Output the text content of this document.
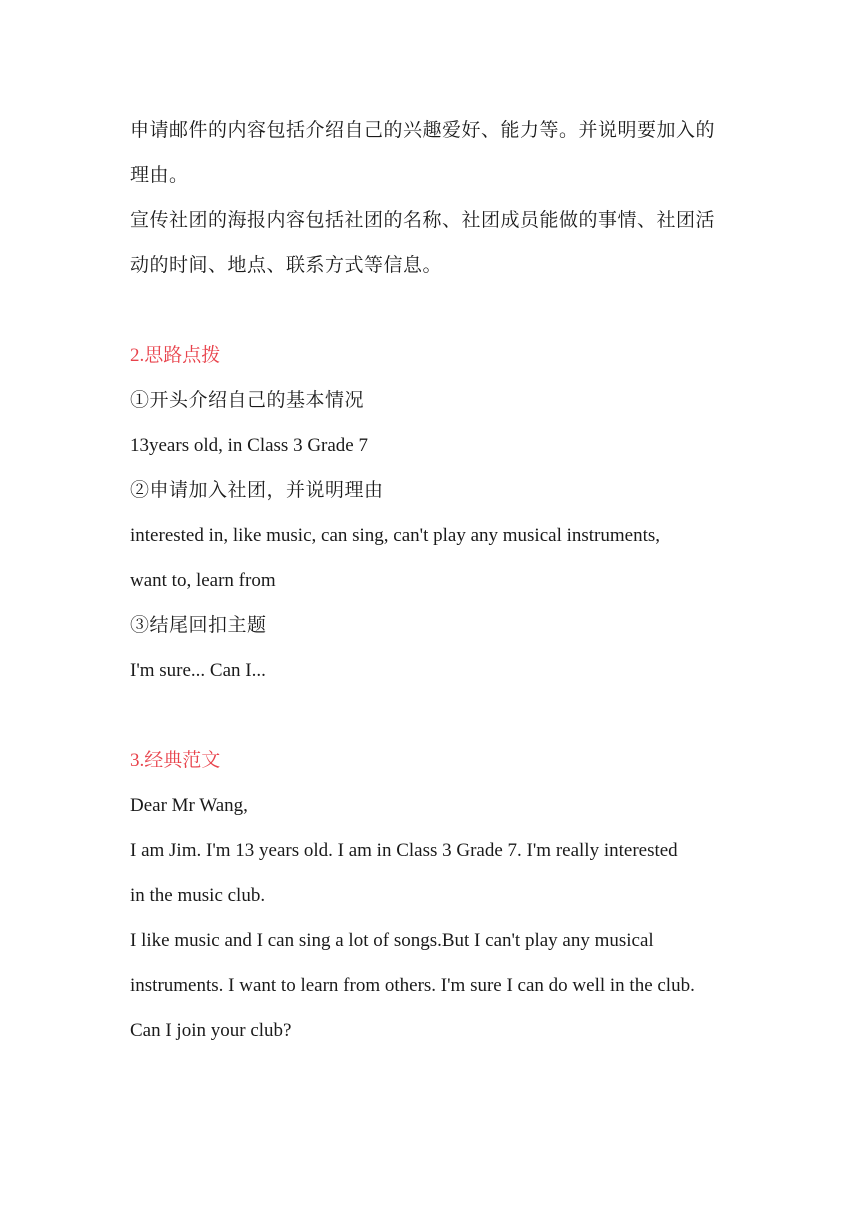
申请邮件的内容包括介绍自己的兴趣爱好、能力等。并说明要加入的
理由。
宣传社团的海报内容包括社团的名称、社团成员能做的事情、社团活
动的时间、地点、联系方式等信息。
2.思路点拨
①开头介绍自己的基本情况
13years old, in Class 3 Grade 7
②申请加入社团，并说明理由
interested in, like music, can sing, can't play any musical instruments,
want to, learn from
③结尾回扣主题
I'm sure... Can I...
3.经典范文
Dear Mr Wang,
I am Jim. I'm 13 years old. I am in Class 3 Grade 7. I'm really interested
in the music club.
I like music and I can sing a lot of songs.But I can't play any musical
instruments. I want to learn from others. I'm sure I can do well in the club.
Can I join your club?
